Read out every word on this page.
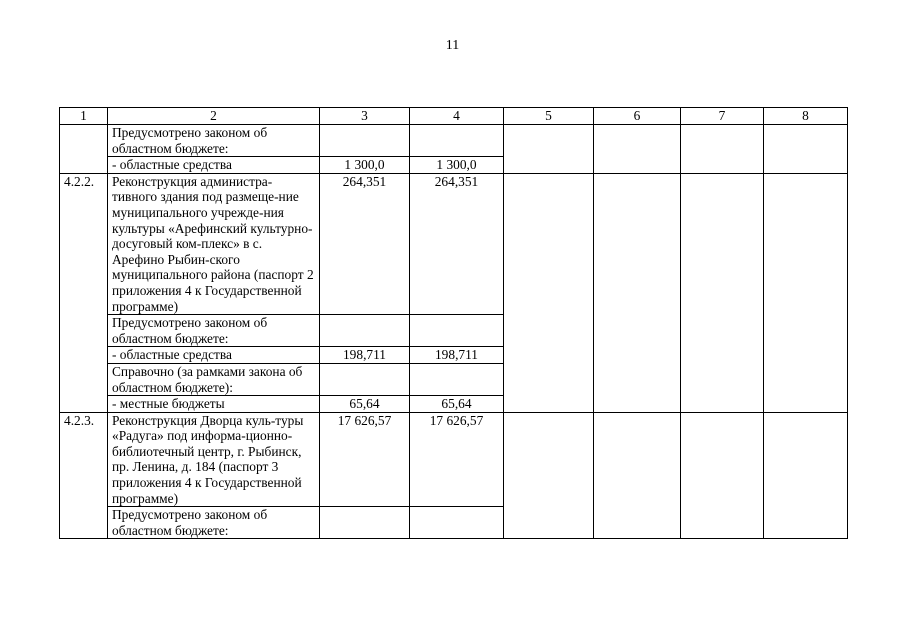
11
1	2	3	4	5	6	7	8
	Предусмотрено законом об областном бюджете:						
	- областные средства	1 300,0	1 300,0				
4.2.2.	Реконструкция администра-тивного здания под размеще-ние муниципального учрежде-ния культуры «Арефинский культурно-досуговый ком-плекс» в с. Арефино Рыбин-ского муниципального района (паспорт 2 приложения 4 к Государственной программе)	264,351	264,351				
	Предусмотрено законом об областном бюджете:						
	- областные средства	198,711	198,711				
	Справочно (за рамками закона об областном бюджете):						
	- местные бюджеты	65,64	65,64				
4.2.3.	Реконструкция Дворца куль-туры «Радуга» под информа-ционно-библиотечный центр, г. Рыбинск, пр. Ленина, д. 184 (паспорт 3 приложения 4 к Государственной программе)	17 626,57	17 626,57				
	Предусмотрено законом об областном бюджете:						
